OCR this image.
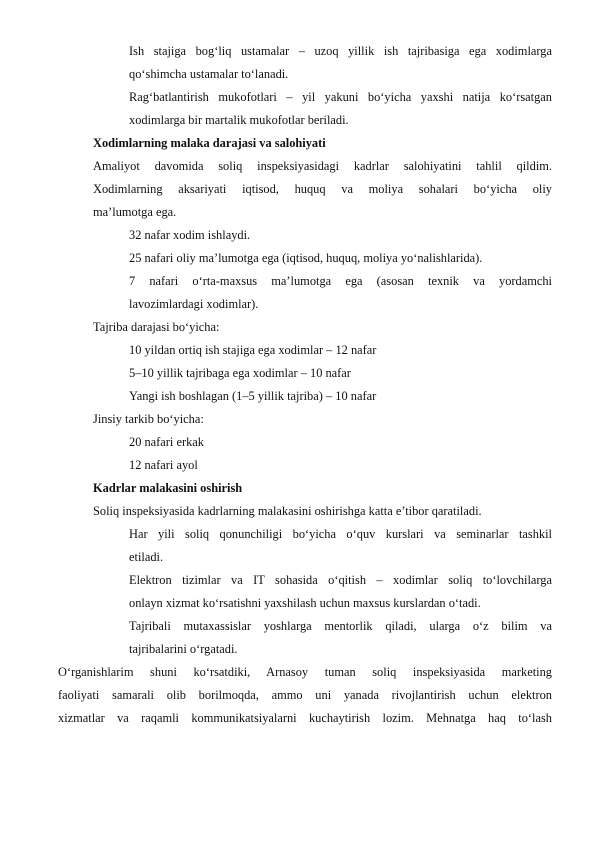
Ish stajiga bog‘liq ustamalar – uzoq yillik ish tajribasiga ega xodimlarga
qo‘shimcha ustamalar to‘lanadi.
Rag‘batlantirish mukofotlari – yil yakuni bo‘yicha yaxshi natija ko‘rsatgan
xodimlarga bir martalik mukofotlar beriladi.
Xodimlarning malaka darajasi va salohiyati
Amaliyot davomida soliq inspeksiyasidagi kadrlar salohiyatini tahlil qildim.
Xodimlarning aksariyati iqtisod, huquq va moliya sohalari bo‘yicha oliy
ma’lumotga ega.
32 nafar xodim ishlaydi.
25 nafari oliy ma’lumotga ega (iqtisod, huquq, moliya yo‘nalishlarida).
7 nafari o‘rta-maxsus ma’lumotga ega (asosan texnik va yordamchi
lavozimlardagi xodimlar).
Tajriba darajasi bo‘yicha:
10 yildan ortiq ish stajiga ega xodimlar – 12 nafar
5–10 yillik tajribaga ega xodimlar – 10 nafar
Yangi ish boshlagan (1–5 yillik tajriba) – 10 nafar
Jinsiy tarkib bo‘yicha:
20 nafari erkak
12 nafari ayol
Kadrlar malakasini oshirish
Soliq inspeksiyasida kadrlarning malakasini oshirishga katta e’tibor qaratiladi.
Har yili soliq qonunchiligi bo‘yicha o‘quv kurslari va seminarlar tashkil
etiladi.
Elektron tizimlar va IT sohasida o‘qitish – xodimlar soliq to‘lovchilarga
onlayn xizmat ko‘rsatishni yaxshilash uchun maxsus kurslardan o‘tadi.
Tajribali mutaxassislar yoshlarga mentorlik qiladi, ularga o‘z bilim va
tajribalarini o‘rgatadi.
O‘rganishlarim shuni ko‘rsatdiki, Arnasoy tuman soliq inspeksiyasida marketing
faoliyati samarali olib borilmoqda, ammo uni yanada rivojlantirish uchun elektron
xizmatlar va raqamli kommunikatsiyalarni kuchaytirish lozim. Mehnatga haq to‘lash
